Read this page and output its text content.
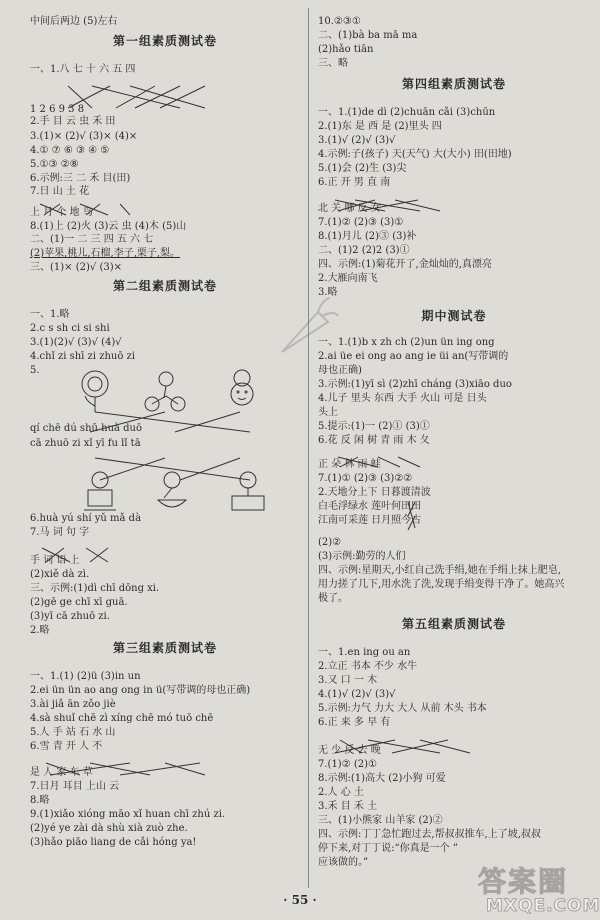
中间后两边 (5)左右
第一组素质测试卷
一、1.八 七 十 六 五 四
1 2 6 9 3 8
2.手 目 云 虫 禾 田
3.(1)× (2)√ (3)× (4)×
4.① ⑦ ⑥ ③ ④ ⑤
5.①③ ②⑧
6.示例:三 二 禾 目(田)
7.日 山 土 花
上 月 个 地 鸟
8.(1)上 (2)火 (3)云 虫 (4)木 (5)山
二、(1)一 二 三 四 五 六 七
(2)苹果,桃儿,石榴,李子,栗子,梨。
三、(1)× (2)√ (3)×
第二组素质测试卷
一、1.略
2.c s sh ci si shi
3.(1)(2)√ (3)√ (4)√
4.chǐ zi shī zi zhuō zi
5.
qí chē dú shū huà duō
cā zhuō zi xǐ yī fu lǐ tā
6.huà yú shí yǔ mǎ dà
7.马 词 句 字
手 词 语 上
(2)xiě dà zì.
三、示例:(1)dì chī dōng xi.
(2)gē ge chī xī guā.
(3)yī cā zhuō zi.
2.略
第三组素质测试卷
一、1.(1) (2)ü (3)in un
2.ei ün ün ao ang ong in ü(写带调的母也正确)
3.ài jiǎ ān zǒo jiè
4.sà shuǐ chē zì xíng chē mó tuō chē
5.人 手 站 石 水 山
6.雪 青 开 人 不
是 人 家 车 草
7.日月 耳目 上山 云
8.略
9.(1)xiǎo xióng māo xǐ huan chī zhú zi.
(2)yé ye zài dà shù xià zuò zhe.
(3)hǎo piāo liang de cǎi hóng ya!
10.②③①
二、(1)bà ba mā ma
(2)hǎo tiān
三、略
第四组素质测试卷
一、1.(1)de dì (2)chuān cǎi (3)chūn
2.(1)东 是 西 是 (2)里头 四
3.(1)√ (2)√ (3)√
4.示例:子(孩子) 天(天气) 大(大小) 田(田地)
5.(1)会 (2)生 (3)尖
6.正 开 男 直 南
北 关 哪 反 女
7.(1)② (2)③ (3)①
8.(1)月儿 (2)③ (3)补
二、(1)2 (2)2 (3)①
四、示例:(1)菊花开了,金灿灿的,真漂亮
2.大雁向南飞
3.略
期中测试卷
一、1.(1)b x zh ch (2)un ün ing ong
2.ai üe ei ong ao ang ie üi an(写带调的
母也正确)
3.示例:(1)yī sì (2)zhī cháng (3)xiāo duo
4.儿子 里头 东西 大手 火山 可是 日头
头上
5.提示:(1)一 (2)① (3)①
6.花 反 闲 树 青 雨 木 夂
正 朵 林 雨 蛙
7.(1)① (2)③ (3)②②
2.天地分上下 日暮渡清波
白毛浮绿水 莲叶何田田
江南可采莲 日月照今古
(2)②
(3)示例:勤劳的人们
四、示例:星期天,小红自己洗手绢,她在手绢上抹上肥皂,
用力搓了几下,用水洗了洗,发现手绢变得干净了。她高兴
极了。
第五组素质测试卷
一、1.en ing ou an
2.立正 书本 不少 水牛
3.又 口 一 木
4.(1)√ (2)√ (3)√
5.示例:力气 力大 大人 从前 木头 书本
6.正 来 多 早 有
无 少 反 去 晚
7.(1)② (2)①
8.示例:(1)高大 (2)小狗 可爱
2.人 心 土
3.禾 目 禾 土
三、(1)小熊家 山羊家 (2)②
四、示例:丁丁急忙跑过去,帮叔叔推车,上了坡,叔叔
停下来,对丁丁说:“你真是一个 ”
应该做的。”
· 55 ·
答案圈
MXQE.COM
